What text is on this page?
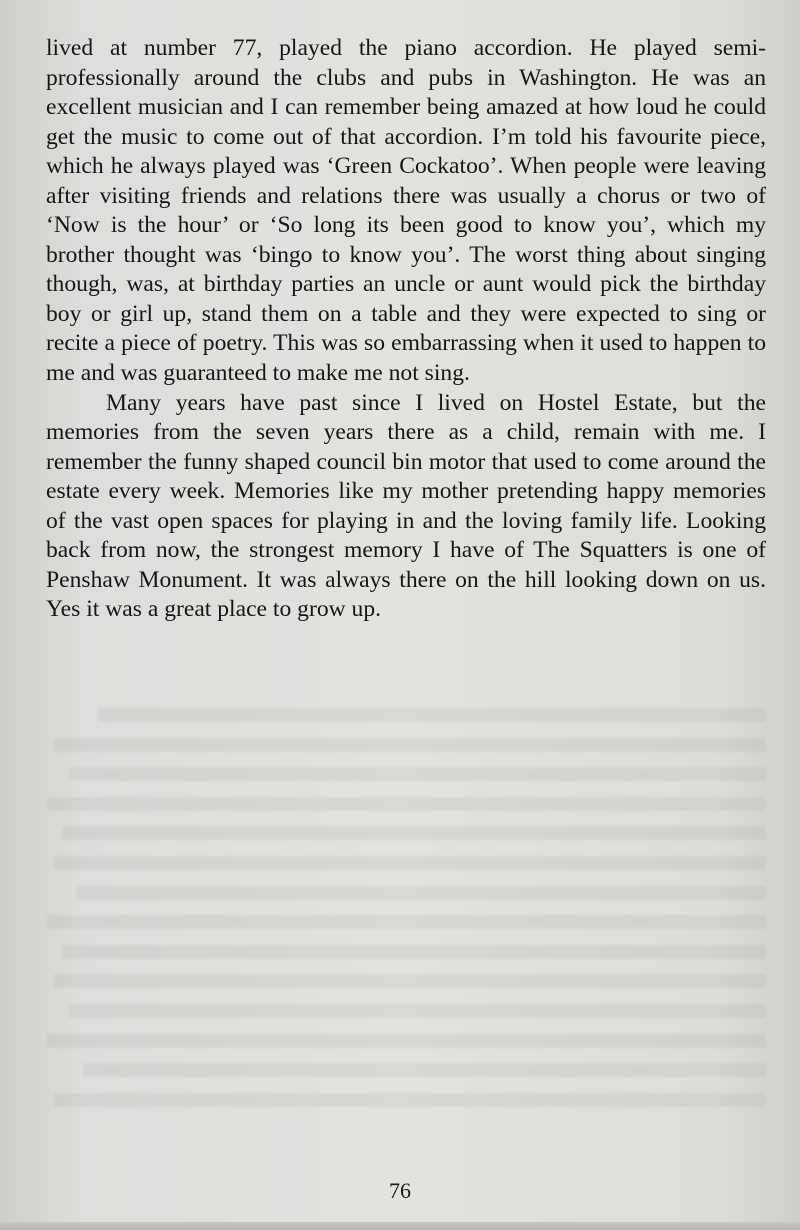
lived at number 77, played the piano accordion. He played semi-professionally around the clubs and pubs in Washington. He was an excellent musician and I can remember being amazed at how loud he could get the music to come out of that accordion. I’m told his favourite piece, which he always played was ‘Green Cockatoo’. When people were leaving after visiting friends and relations there was usually a chorus or two of ‘Now is the hour’ or ‘So long its been good to know you’, which my brother thought was ‘bingo to know you’. The worst thing about singing though, was, at birthday parties an uncle or aunt would pick the birthday boy or girl up, stand them on a table and they were expected to sing or recite a piece of poetry. This was so embarrassing when it used to happen to me and was guaranteed to make me not sing.

Many years have past since I lived on Hostel Estate, but the memories from the seven years there as a child, remain with me. I remember the funny shaped council bin motor that used to come around the estate every week. Memories like my mother pretending happy memories of the vast open spaces for playing in and the loving family life. Looking back from now, the strongest memory I have of The Squatters is one of Penshaw Monument. It was always there on the hill looking down on us. Yes it was a great place to grow up.

76
